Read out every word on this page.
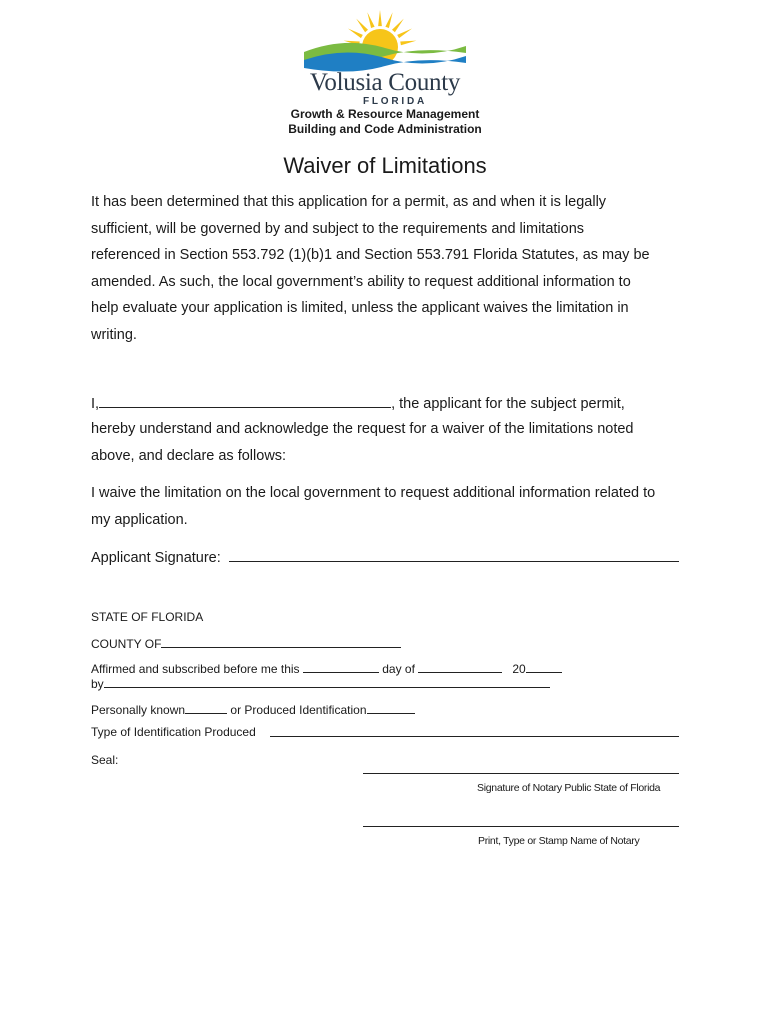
Volusia County
FLORIDA
Growth & Resource Management
Building and Code Administration
Waiver of Limitations
It has been determined that this application for a permit, as and when it is legally
sufficient, will be governed by and subject to the requirements and limitations
referenced in Section 553.792 (1)(b)1 and Section 553.791 Florida Statutes, as may be
amended. As such, the local government’s ability to request additional information to
help evaluate your application is limited, unless the applicant waives the limitation in
writing.
I,	, the applicant for the subject permit,
hereby understand and acknowledge the request for a waiver of the limitations noted
above, and declare as follows:
I waive the limitation on the local government to request additional information related to
my application.
Applicant Signature:
STATE OF FLORIDA
COUNTY OF
Affirmed and subscribed before me this	day of	20
by
Personally known	or Produced Identification
Type of Identification Produced
Seal:
Signature of Notary Public State of Florida
Print, Type or Stamp Name of Notary
